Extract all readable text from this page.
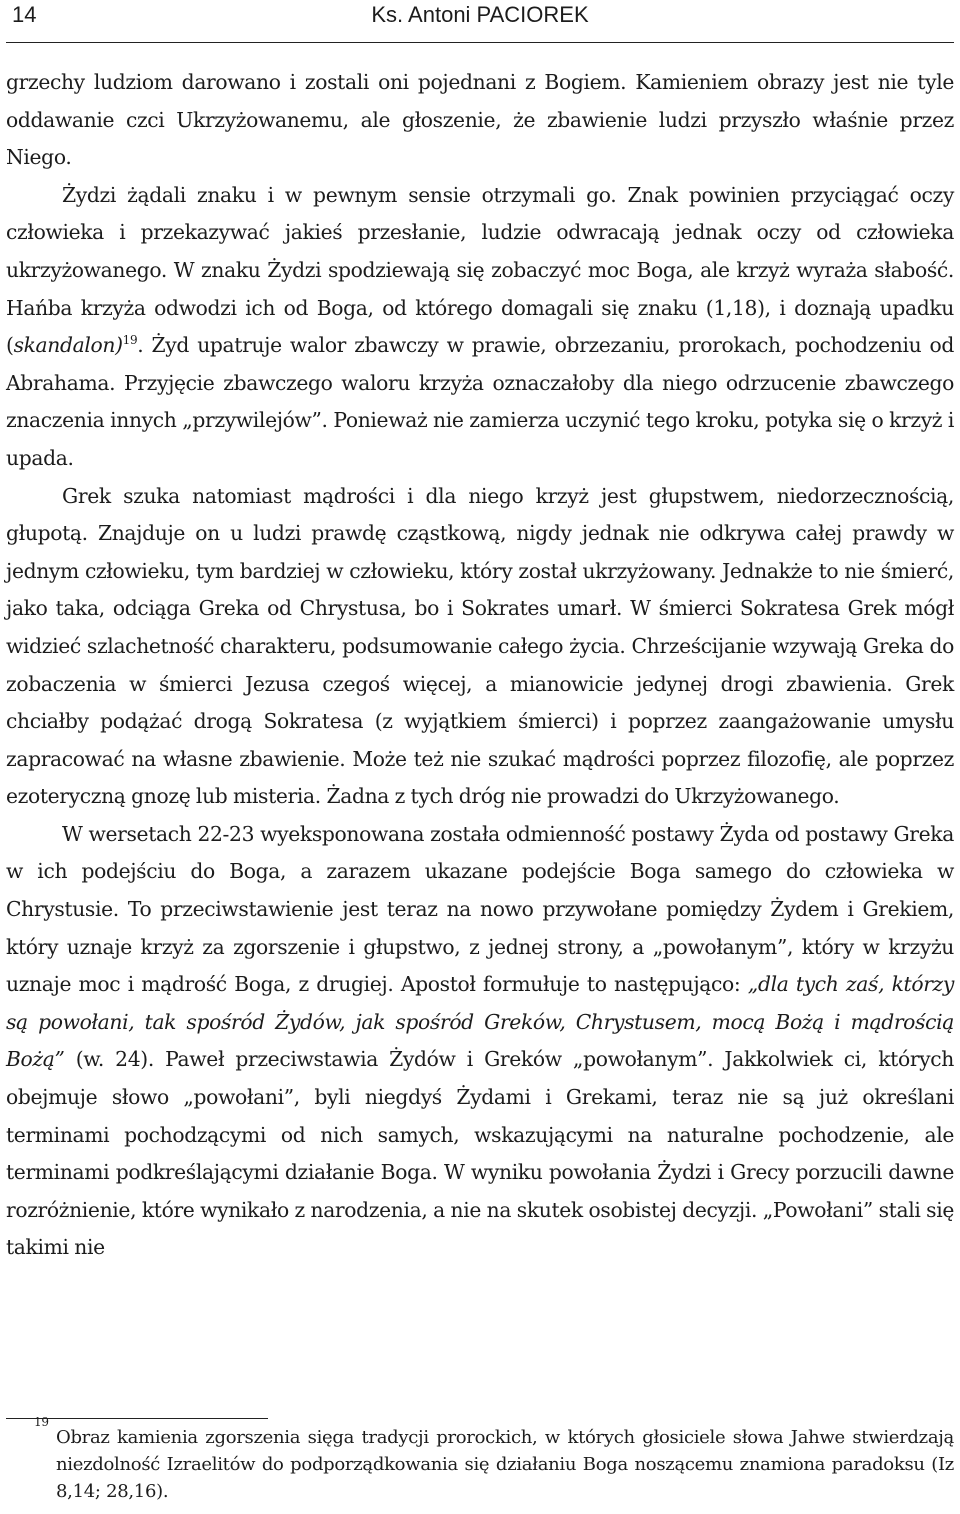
14	Ks. Antoni PACIOREK

grzechy ludziom darowano i zostali oni pojednani z Bogiem. Kamieniem obrazy jest nie tyle oddawanie czci Ukrzyżowanemu, ale głoszenie, że zbawienie ludzi przyszło właśnie przez Niego.

Żydzi żądali znaku i w pewnym sensie otrzymali go. Znak powinien przyciągać oczy człowieka i przekazywać jakieś przesłanie, ludzie odwracają jednak oczy od człowieka ukrzyżowanego. W znaku Żydzi spodziewają się zobaczyć moc Boga, ale krzyż wyraża słabość. Hańba krzyża odwodzi ich od Boga, od którego domagali się znaku (1,18), i doznają upadku (skandalon)$^{19}$. Żyd upatruje walor zbawczy w prawie, obrzezaniu, prorokach, pochodzeniu od Abrahama. Przyjęcie zbawczego waloru krzyża oznaczałoby dla niego odrzucenie zbawczego znaczenia innych „przywilejów”. Ponieważ nie zamierza uczynić tego kroku, potyka się o krzyż i upada.

Grek szuka natomiast mądrości i dla niego krzyż jest głupstwem, niedorzecznością, głupotą. Znajduje on u ludzi prawdę cząstkową, nigdy jednak nie odkrywa całej prawdy w jednym człowieku, tym bardziej w człowieku, który został ukrzyżowany. Jednakże to nie śmierć, jako taka, odciąga Greka od Chrystusa, bo i Sokrates umarł. W śmierci Sokratesa Grek mógł widzieć szlachetność charakteru, podsumowanie całego życia. Chrześcijanie wzywają Greka do zobaczenia w śmierci Jezusa czegoś więcej, a mianowicie jedynej drogi zbawienia. Grek chciałby podążać drogą Sokratesa (z wyjątkiem śmierci) i poprzez zaangażowanie umysłu zapracować na własne zbawienie. Może też nie szukać mądrości poprzez filozofię, ale poprzez ezoteryczną gnozę lub misteria. Żadna z tych dróg nie prowadzi do Ukrzyżowanego.

W wersetach 22-23 wyeksponowana została odmienność postawy Żyda od postawy Greka w ich podejściu do Boga, a zarazem ukazane podejście Boga samego do człowieka w Chrystusie. To przeciwstawienie jest teraz na nowo przywołane pomiędzy Żydem i Grekiem, który uznaje krzyż za zgorszenie i głupstwo, z jednej strony, a „powołanym”, który w krzyżu uznaje moc i mądrość Boga, z drugiej. Apostoł formułuje to następująco: „dla tych zaś, którzy są powołani, tak spośród Żydów, jak spośród Greków, Chrystusem, mocą Bożą i mądrością Bożą” (w. 24). Paweł przeciwstawia Żydów i Greków „powołanym”. Jakkolwiek ci, których obejmuje słowo „powołani”, byli niegdyś Żydami i Grekami, teraz nie są już określani terminami pochodzącymi od nich samych, wskazującymi na naturalne pochodzenie, ale terminami podkreślającymi działanie Boga. W wyniku powołania Żydzi i Grecy porzucili dawne rozróżnienie, które wynikało z narodzenia, a nie na skutek osobistej decyzji. „Powołani” stali się takimi nie

19
Obraz kamienia zgorszenia sięga tradycji prorockich, w których głosiciele słowa Jahwe stwierdzają niezdolność Izraelitów do podporządkowania się działaniu Boga noszącemu znamiona paradoksu (Iz 8,14; 28,16).
